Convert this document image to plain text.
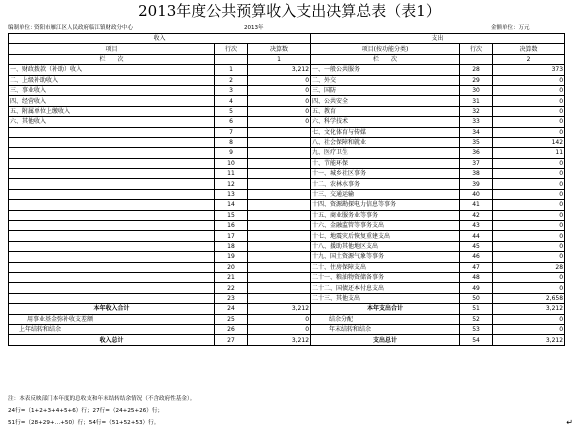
2013年度公共预算收入支出决算总表（表1）
编制单位：
资阳市雁江区人民政府临江镇财政分中心	2013年	金额单位：万元
收入			支出		
项目	行次	决算数	项目(按功能分类)	行次	决算数
栏　　次		1	栏　　次		2
一、财政拨款（补助）收入	1	3,212	一、一般公共服务	28	373
二、上级补助收入	2	0	二、外交	29	0
三、事业收入	3	0	三、国防	30	0
四、经营收入	4	0	四、公共安全	31	0
五、附属单位上缴收入	5	0	五、教育	32	0
六、其他收入	6	0	六、科学技术	33	0
	7		七、文化体育与传媒	34	0
	8		八、社会保障和就业	35	142
	9		九、医疗卫生	36	11
	10		十、节能环保	37	0
	11		十一、城乡社区事务	38	0
	12		十二、农林水事务	39	0
	13		十三、交通运输	40	0
	14		十四、资源勘探电力信息等事务	41	0
	15		十五、商业服务业等事务	42	0
	16		十六、金融监管等事务支出	43	0
	17		十七、地震灾后恢复重建支出	44	0
	18		十八、援助其他地区支出	45	0
	19		十九、国土资源气象等事务	46	0
	20		二十、住房保障支出	47	28
	21		二十一、粮油物资储备事务	48	0
	22		二十二、国债还本付息支出	49	0
	23		二十三、其他支出	50	2,658
本年收入合计	24	3,212	本年支出合计	51	3,212
用事业基金弥补收支差额	25	0	结余分配	52	0
上年结转和结余	26	0	年末结转和结余	53	0
收入总计	27	3,212	支出总计	54	3,212
注：本表反映部门本年度的总收支和年末结转结余情况（不含政府性基金）。
24行=（1+2+3+4+5+6）行；27行=（24+25+26）行；
51行=（28+29+…+50）行；54行=（51+52+53）行。	↵
